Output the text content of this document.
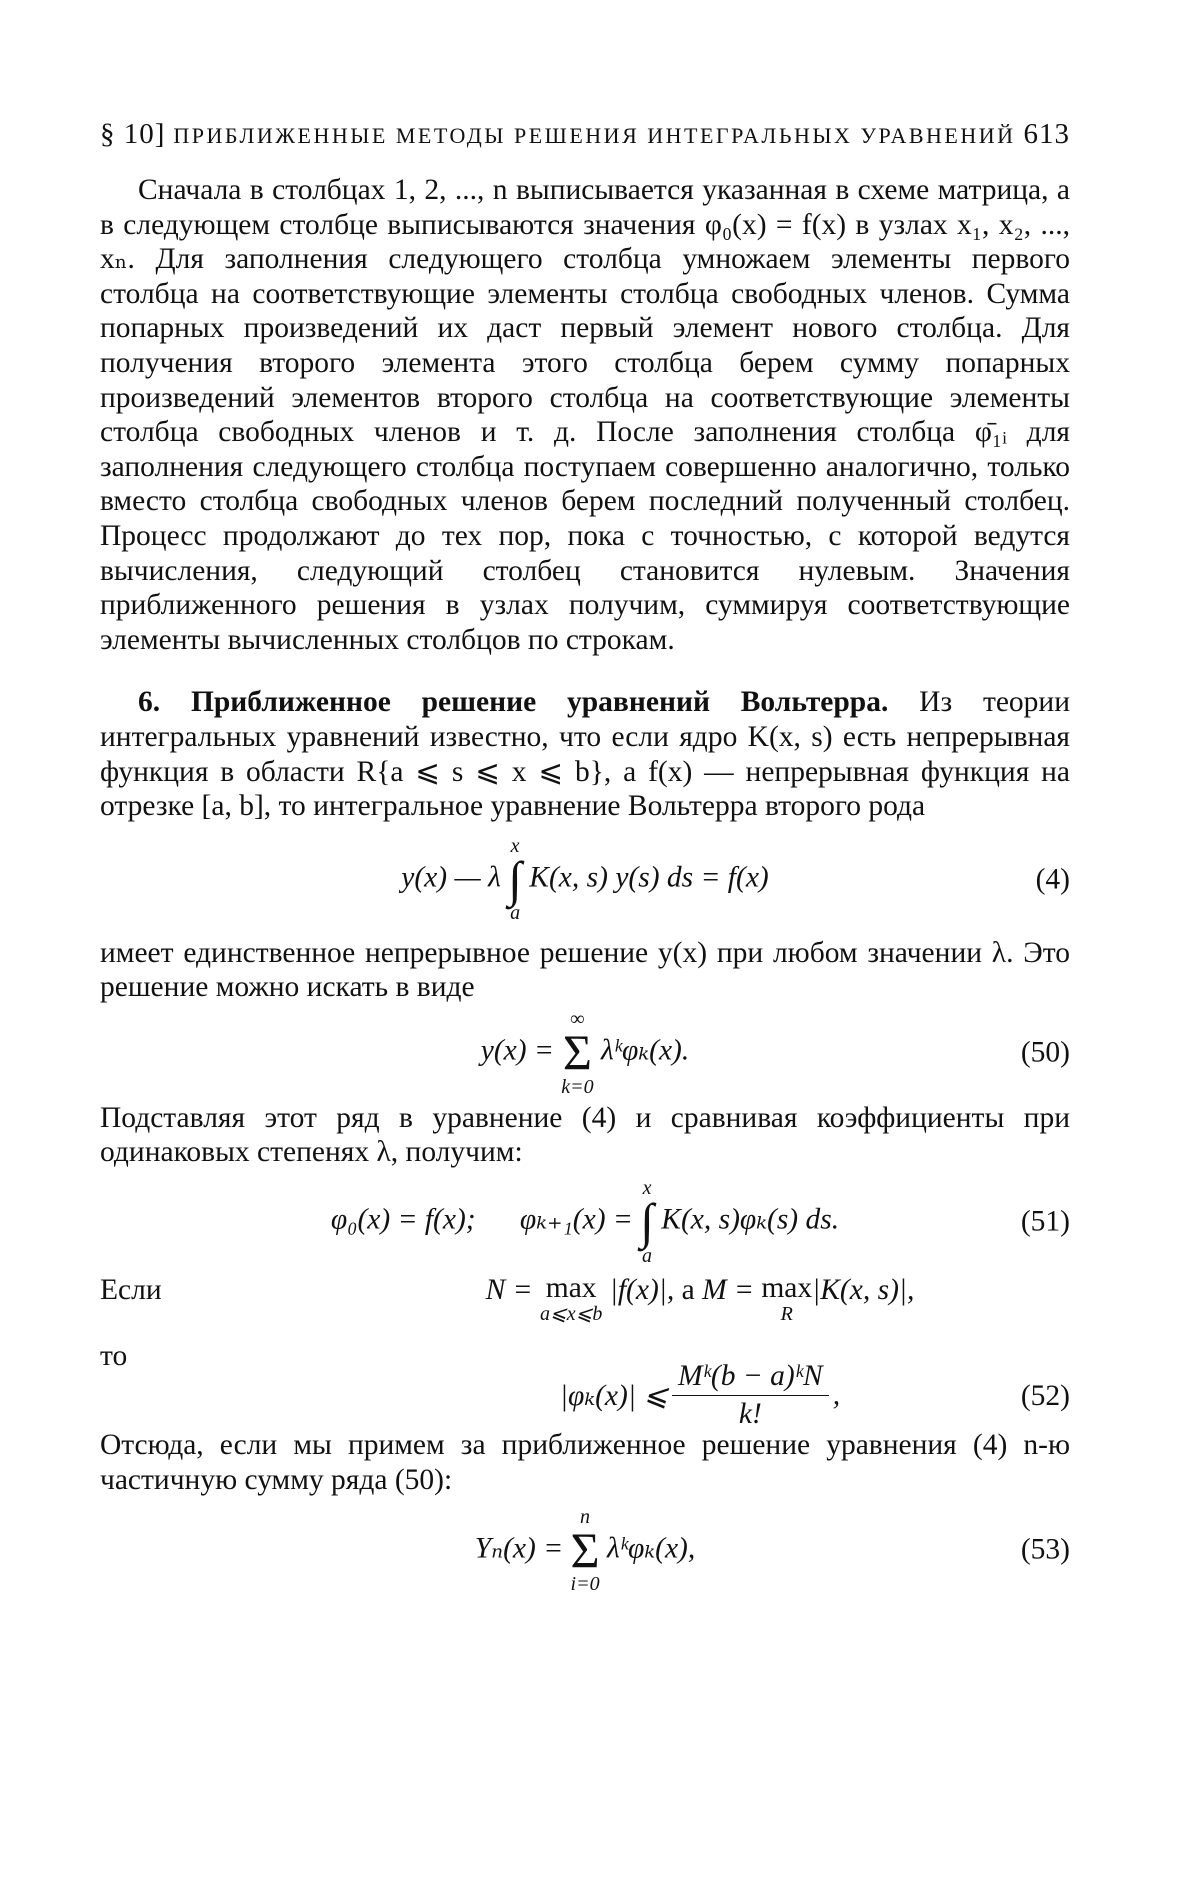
§ 10] ПРИБЛИЖЕННЫЕ МЕТОДЫ РЕШЕНИЯ ИНТЕГРАЛЬНЫХ УРАВНЕНИЙ 613

Сначала в столбцах 1, 2, ..., n выписывается указанная в схеме матрица, а в следующем столбце выписываются значения φ₀(x) = f(x) в узлах x₁, x₂, ..., xₙ. Для заполнения следующего столбца умножаем элементы первого столбца на соответствующие элементы столбца свободных членов. Сумма попарных произведений их даст первый элемент нового столбца. Для получения второго элемента этого столбца берем сумму попарных произведений элементов второго столбца на соответствующие элементы столбца свободных членов и т. д. После заполнения столбца φ̄₁ᵢ для заполнения следующего столбца поступаем совершенно аналогично, только вместо столбца свободных членов берем последний полученный столбец. Процесс продолжают до тех пор, пока с точностью, с которой ведутся вычисления, следующий столбец становится нулевым. Значения приближенного решения в узлах получим, суммируя соответствующие элементы вычисленных столбцов по строкам.

6. Приближенное решение уравнений Вольтерра. Из теории интегральных уравнений известно, что если ядро K(x, s) есть непрерывная функция в области R{a ⩽ s ⩽ x ⩽ b}, а f(x) — непрерывная функция на отрезке [a, b], то интегральное уравнение Вольтерра второго рода

y(x) — λ
x
∫
a
K(x, s) y(s) ds = f(x)	(4)

имеет единственное непрерывное решение y(x) при любом значении λ. Это решение можно искать в виде

y(x) =
∞
Σ
k=0
λᵏφₖ(x).	(50)

Подставляя этот ряд в уравнение (4) и сравнивая коэффициенты при одинаковых степенях λ, получим:

φ₀(x) = f(x); φₖ₊₁(x) =
x
∫
a
K(x, s)φₖ(s) ds.	(51)
Если	N =
max
a⩽x⩽b

|f(x)|,
а
M =
max
R
|K(x, s)|,
то
|φₖ(x)| ⩽ $\frac{\text{Mᵏ(b − a)ᵏN}}{k!}$ ,	(52)

Отсюда, если мы примем за приближенное решение уравнения (4) n-ю частичную сумму ряда (50):

Yₙ(x) =
n
Σ
i=0
λᵏφₖ(x),	(53)
